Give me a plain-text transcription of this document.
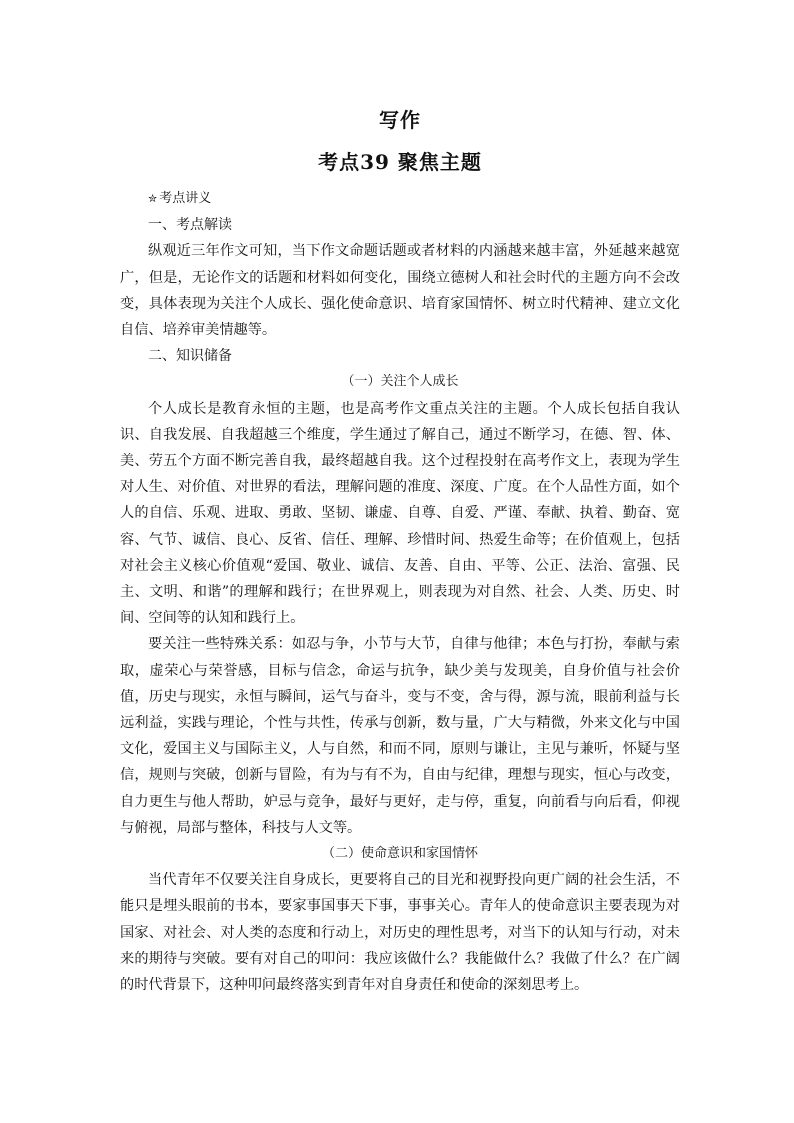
写作
考点39 聚焦主题

✮ 考点讲义

一、考点解读

纵观近三年作文可知，当下作文命题话题或者材料的内涵越来越丰富，外延越来越宽广，但是，无论作文的话题和材料如何变化，围绕立德树人和社会时代的主题方向不会改变，具体表现为关注个人成长、强化使命意识、培育家国情怀、树立时代精神、建立文化自信、培养审美情趣等。

二、知识储备

（一）关注个人成长

个人成长是教育永恒的主题，也是高考作文重点关注的主题。个人成长包括自我认识、自我发展、自我超越三个维度，学生通过了解自己，通过不断学习，在德、智、体、美、劳五个方面不断完善自我，最终超越自我。这个过程投射在高考作文上，表现为学生对人生、对价值、对世界的看法，理解问题的准度、深度、广度。在个人品性方面，如个人的自信、乐观、进取、勇敢、坚韧、谦虚、自尊、自爱、严谨、奉献、执着、勤奋、宽容、气节、诚信、良心、反省、信任、理解、珍惜时间、热爱生命等；在价值观上，包括对社会主义核心价值观“爱国、敬业、诚信、友善、自由、平等、公正、法治、富强、民主、文明、和谐”的理解和践行；在世界观上，则表现为对自然、社会、人类、历史、时间、空间等的认知和践行上。

要关注一些特殊关系：如忍与争，小节与大节，自律与他律；本色与打扮，奉献与索取，虚荣心与荣誉感，目标与信念，命运与抗争，缺少美与发现美，自身价值与社会价值，历史与现实，永恒与瞬间，运气与奋斗，变与不变，舍与得，源与流，眼前利益与长远利益，实践与理论，个性与共性，传承与创新，数与量，广大与精微，外来文化与中国文化，爱国主义与国际主义，人与自然，和而不同，原则与谦让，主见与兼听，怀疑与坚信，规则与突破，创新与冒险，有为与有不为，自由与纪律，理想与现实，恒心与改变，自力更生与他人帮助，妒忌与竞争，最好与更好，走与停，重复，向前看与向后看，仰视与俯视，局部与整体，科技与人文等。

（二）使命意识和家国情怀

当代青年不仅要关注自身成长，更要将自己的目光和视野投向更广阔的社会生活，不能只是埋头眼前的书本，要家事国事天下事，事事关心。青年人的使命意识主要表现为对国家、对社会、对人类的态度和行动上，对历史的理性思考，对当下的认知与行动，对未来的期待与突破。要有对自己的叩问：我应该做什么？我能做什么？我做了什么？在广阔的时代背景下，这种叩问最终落实到青年对自身责任和使命的深刻思考上。
